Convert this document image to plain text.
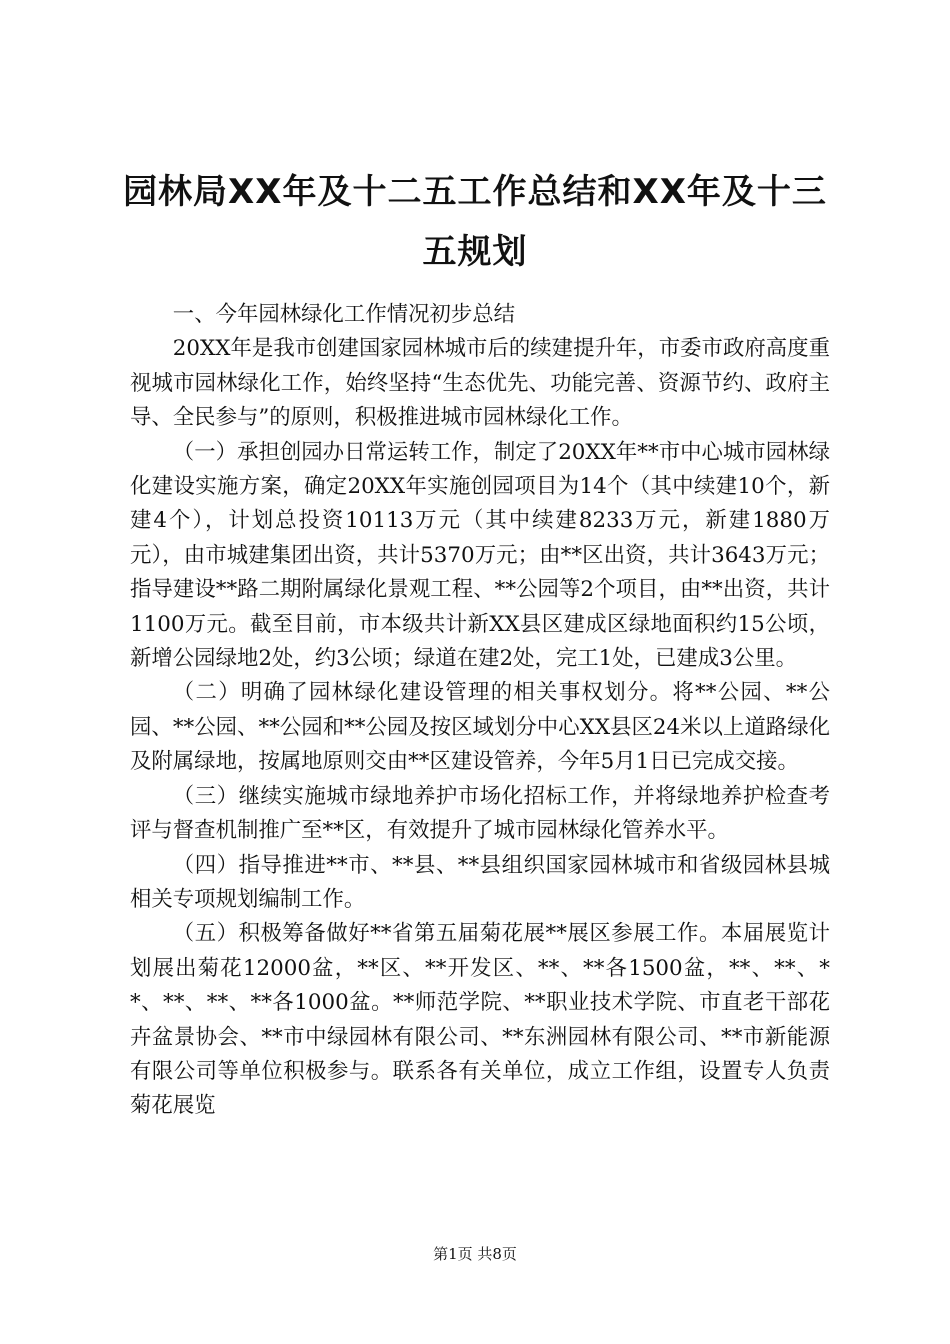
园林局XX年及十二五工作总结和XX年及十三五规划

一、今年园林绿化工作情况初步总结

20XX年是我市创建国家园林城市后的续建提升年，市委市政府高度重视城市园林绿化工作，始终坚持“生态优先、功能完善、资源节约、政府主导、全民参与”的原则，积极推进城市园林绿化工作。

（一）承担创园办日常运转工作，制定了20XX年**市中心城市园林绿化建设实施方案，确定20XX年实施创园项目为14个（其中续建10个，新建4个），计划总投资10113万元（其中续建8233万元，新建1880万元），由市城建集团出资，共计5370万元；由**区出资，共计3643万元；指导建设**路二期附属绿化景观工程、**公园等2个项目，由**出资，共计1100万元。截至目前，市本级共计新XX县区建成区绿地面积约15公顷，新增公园绿地2处，约3公顷；绿道在建2处，完工1处，已建成3公里。

（二）明确了园林绿化建设管理的相关事权划分。将**公园、**公园、**公园、**公园和**公园及按区域划分中心XX县区24米以上道路绿化及附属绿地，按属地原则交由**区建设管养，今年5月1日已完成交接。

（三）继续实施城市绿地养护市场化招标工作，并将绿地养护检查考评与督查机制推广至**区，有效提升了城市园林绿化管养水平。

（四）指导推进**市、**县、**县组织国家园林城市和省级园林县城相关专项规划编制工作。

（五）积极筹备做好**省第五届菊花展**展区参展工作。本届展览计划展出菊花12000盆，**区、**开发区、**、**各1500盆，**、**、**、**、**、**各1000盆。**师范学院、**职业技术学院、市直老干部花卉盆景协会、**市中绿园林有限公司、**东洲园林有限公司、**市新能源有限公司等单位积极参与。联系各有关单位，成立工作组，设置专人负责菊花展览

第1页 共8页
